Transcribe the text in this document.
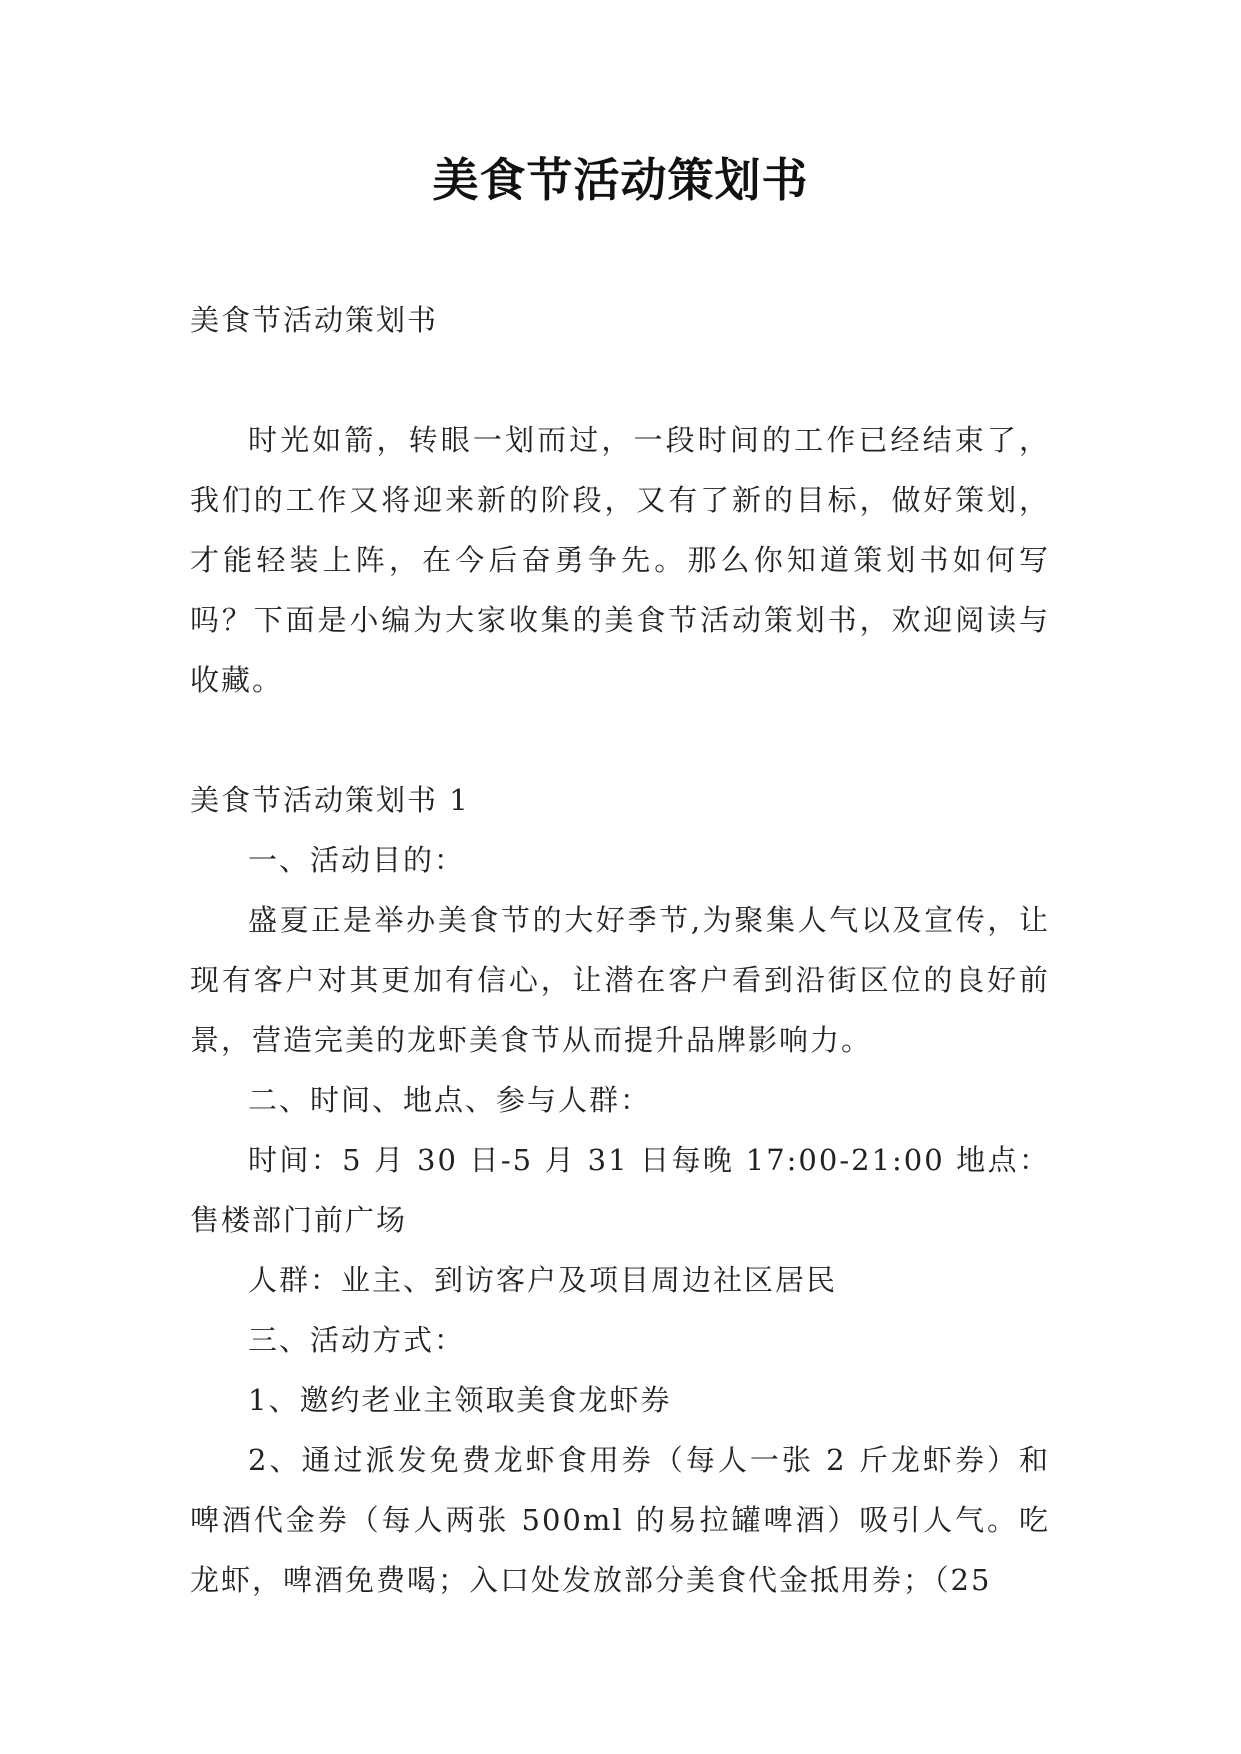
美食节活动策划书

美食节活动策划书

时光如箭，转眼一划而过，一段时间的工作已经结束了，我们的工作又将迎来新的阶段，又有了新的目标，做好策划，才能轻装上阵，在今后奋勇争先。那么你知道策划书如何写吗？下面是小编为大家收集的美食节活动策划书，欢迎阅读与收藏。

美食节活动策划书 1

一、活动目的：

盛夏正是举办美食节的大好季节,为聚集人气以及宣传，让现有客户对其更加有信心，让潜在客户看到沿街区位的良好前景，营造完美的龙虾美食节从而提升品牌影响力。

二、时间、地点、参与人群：

时间：5 月 30 日-5 月 31 日每晚 17:00-21:00 地点：售楼部门前广场

人群：业主、到访客户及项目周边社区居民

三、活动方式：

1、邀约老业主领取美食龙虾券

2、通过派发免费龙虾食用券（每人一张 2 斤龙虾券）和啤酒代金券（每人两张 500ml 的易拉罐啤酒）吸引人气。吃龙虾，啤酒免费喝；入口处发放部分美食代金抵用券；（25
